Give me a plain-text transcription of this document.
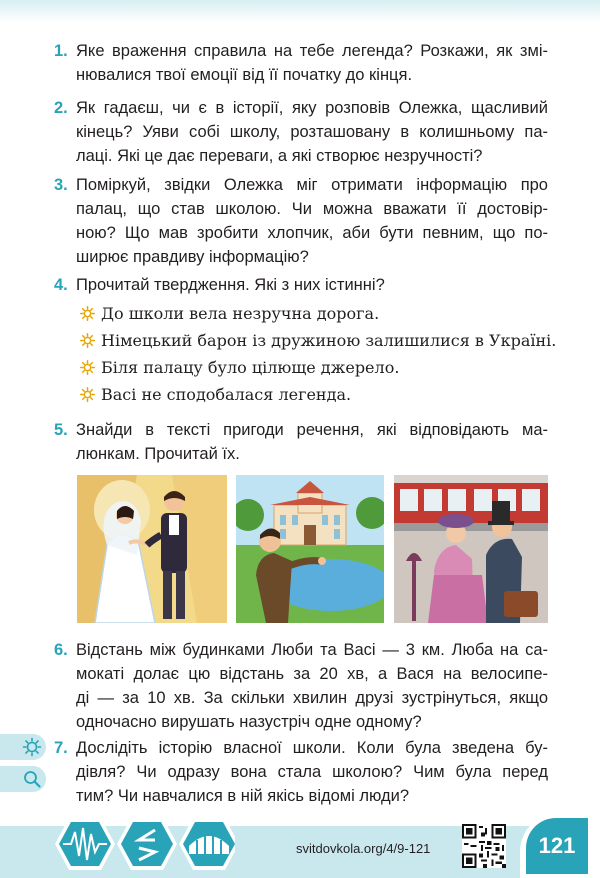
1. Яке враження справила на тебе легенда? Розкажи, як змі-
нювалися твої емоції від її початку до кінця.
2. Як гадаєш, чи є в історії, яку розповів Олежка, щасливий
кінець? Уяви собі школу, розташовану в колишньому па-
лаці. Які це дає переваги, а які створює незручності?
3. Поміркуй, звідки Олежка міг отримати інформацію про
палац, що став школою. Чи можна вважати її достовір-
ною? Що мав зробити хлопчик, аби бути певним, що по-
ширює правдиву інформацію?
4. Прочитай твердження. Які з них істинні?
5. Знайди в тексті пригоди речення, які відповідають ма-
люнкам. Прочитай їх.
6. Відстань між будинками Люби та Васі — 3 км. Люба на са-
мокаті долає цю відстань за 20 хв, а Вася на велосипе-
ді — за 10 хв. За скільки хвилин друзі зустрінуться, якщо
одночасно вирушать назустріч одне одному?
7. Дослідіть історію власної школи. Коли була зведена бу-
дівля? Чи одразу вона стала школою? Чим була перед
тим? Чи навчалися в ній якісь відомі люди?
До школи вела незручна дорога.
Німецький барон із дружиною залишилися в Україні.
Біля палацу було цілюще джерело.
Васі не сподобалася легенда.
svitdovkola.org/4/9-121	121
